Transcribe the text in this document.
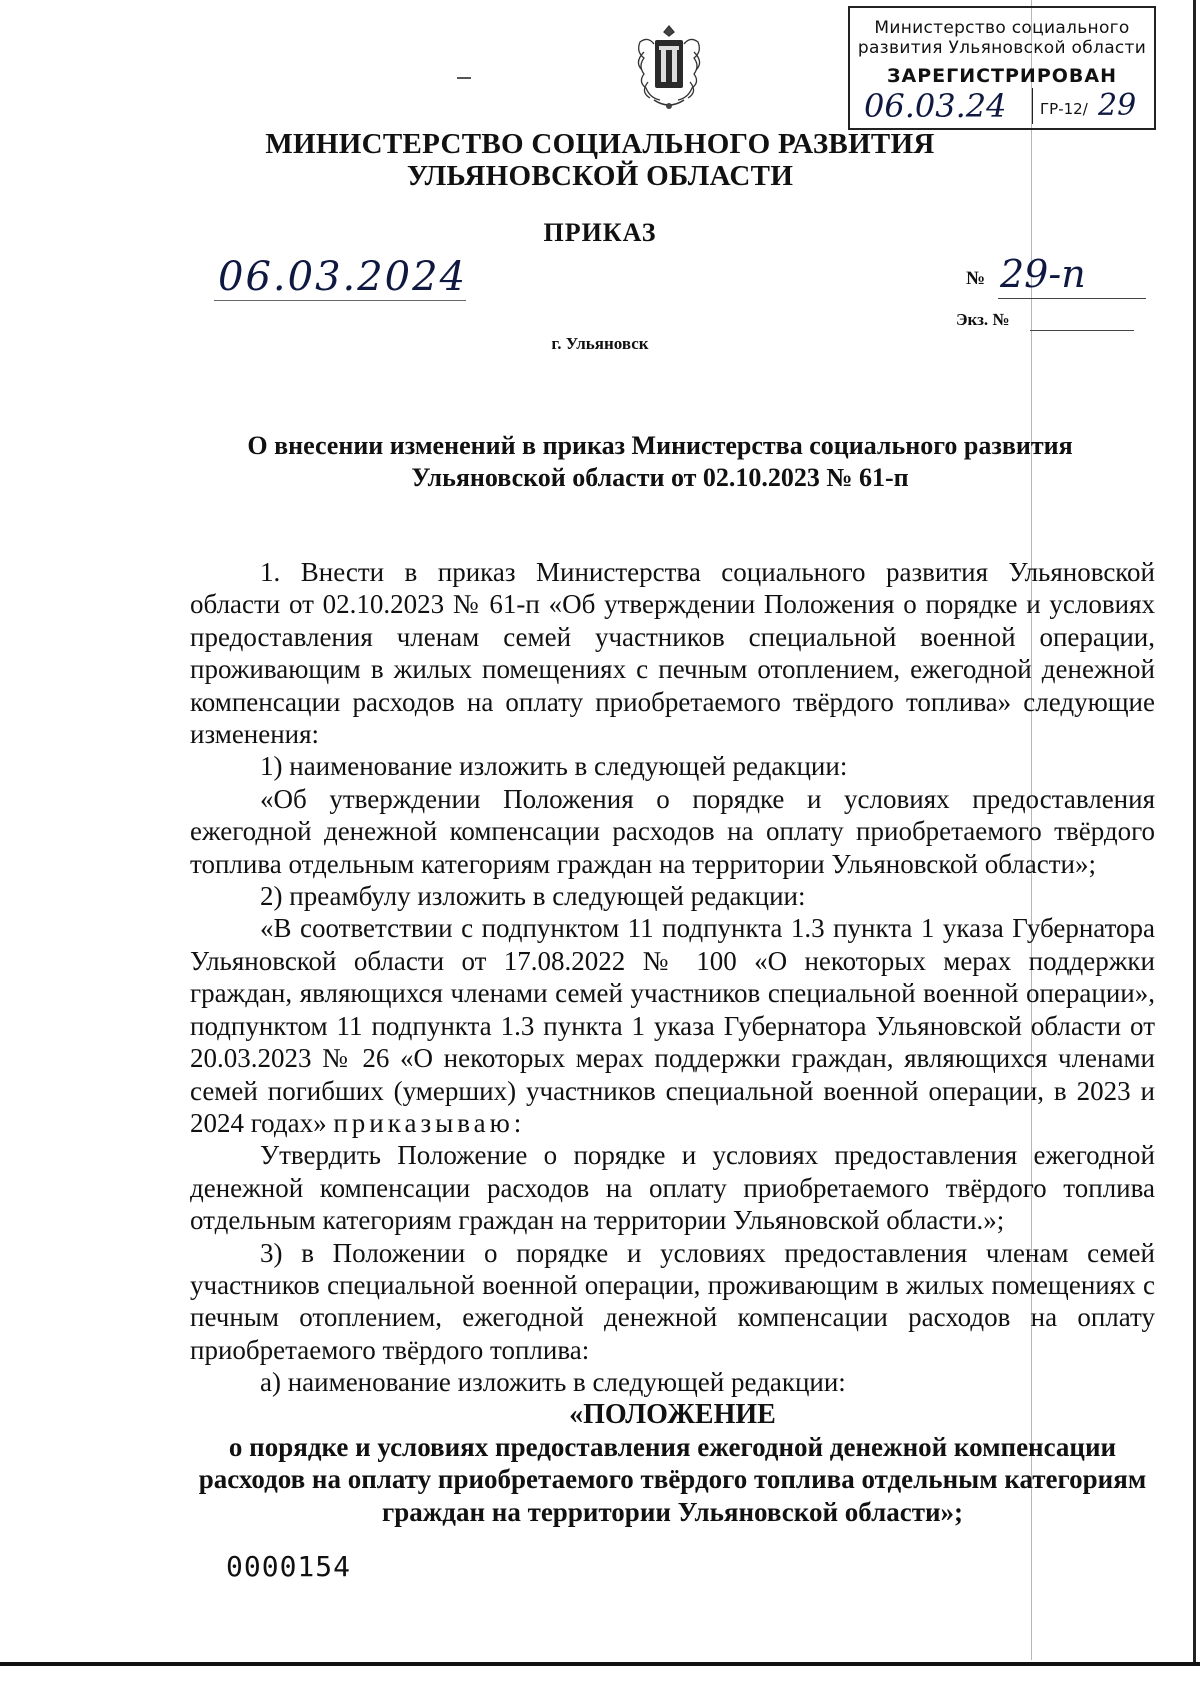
Министерство социального
развития Ульяновской области
ЗАРЕГИСТРИРОВАН
06.03.24 ГР-12/ 29
МИНИСТЕРСТВО СОЦИАЛЬНОГО РАЗВИТИЯ
УЛЬЯНОВСКОЙ ОБЛАСТИ
ПРИКАЗ
06.03.2024	№ 29-п
Экз. №
г. Ульяновск
О внесении изменений в приказ Министерства социального развития Ульяновской области от 02.10.2023 № 61-п

1. Внести в приказ Министерства социального развития Ульяновской области от 02.10.2023 № 61-п «Об утверждении Положения о порядке и условиях предоставления членам семей участников специальной военной операции, проживающим в жилых помещениях с печным отоплением, ежегодной денежной компенсации расходов на оплату приобретаемого твёрдого топлива» следующие изменения:

1) наименование изложить в следующей редакции:

«Об утверждении Положения о порядке и условиях предоставления ежегодной денежной компенсации расходов на оплату приобретаемого твёрдого топлива отдельным категориям граждан на территории Ульяновской области»;

2) преамбулу изложить в следующей редакции:

«В соответствии с подпунктом 11 подпункта 1.3 пункта 1 указа Губернатора Ульяновской области от 17.08.2022 № 100 «О некоторых мерах поддержки граждан, являющихся членами семей участников специальной военной операции», подпунктом 11 подпункта 1.3 пункта 1 указа Губернатора Ульяновской области от 20.03.2023 № 26 «О некоторых мерах поддержки граждан, являющихся членами семей погибших (умерших) участников специальной военной операции, в 2023 и 2024 годах» приказываю:

Утвердить Положение о порядке и условиях предоставления ежегодной денежной компенсации расходов на оплату приобретаемого твёрдого топлива отдельным категориям граждан на территории Ульяновской области.»;

3) в Положении о порядке и условиях предоставления членам семей участников специальной военной операции, проживающим в жилых помещениях с печным отоплением, ежегодной денежной компенсации расходов на оплату приобретаемого твёрдого топлива:

а) наименование изложить в следующей редакции:

«ПОЛОЖЕНИЕ

о порядке и условиях предоставления ежегодной денежной компенсации расходов на оплату приобретаемого твёрдого топлива отдельным категориям граждан на территории Ульяновской области»;

0000154
